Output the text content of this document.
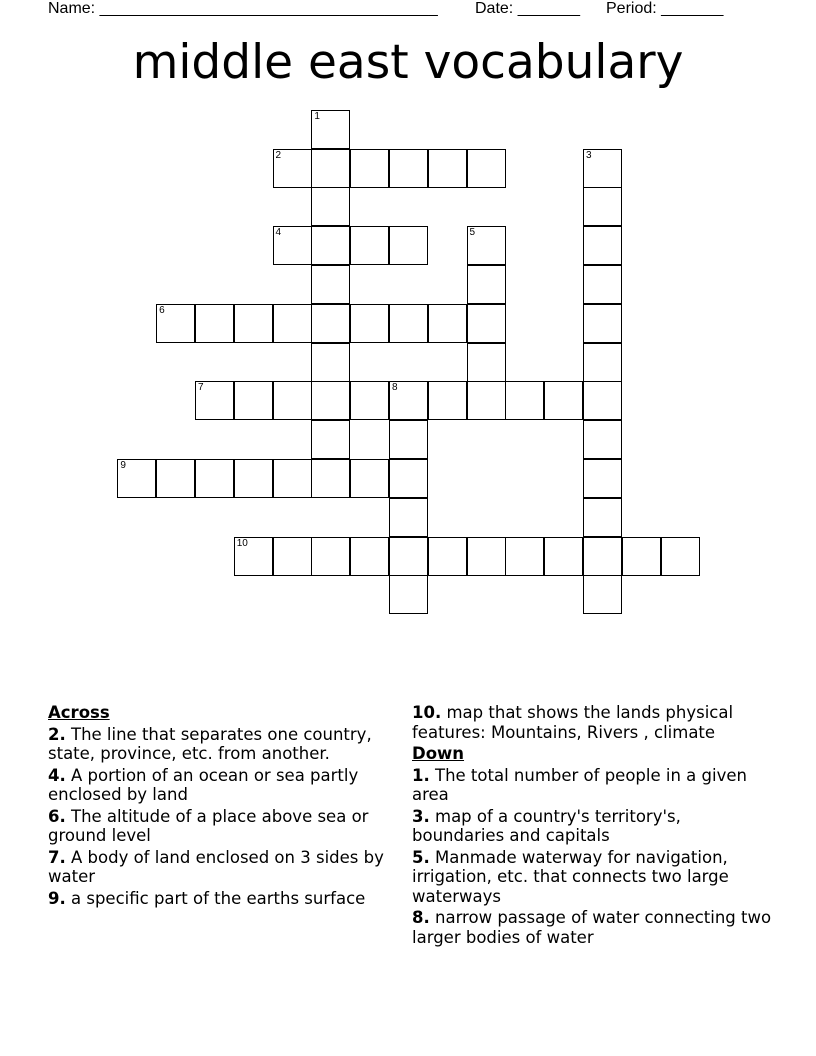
Name: ______________________________________ Date: _______ Period: _______
middle east vocabulary
1
2	3
4	5
6
7	8
9
10
Across
2. The line that separates one country, state, province, etc. from another.
4. A portion of an ocean or sea partly enclosed by land
6. The altitude of a place above sea or ground level
7. A body of land enclosed on 3 sides by water
9. a specific part of the earths surface
10. map that shows the lands physical features: Mountains, Rivers , climate
Down
1. The total number of people in a given area
3. map of a country's territory's, boundaries and capitals
5. Manmade waterway for navigation, irrigation, etc. that connects two large waterways
8. narrow passage of water connecting two larger bodies of water
